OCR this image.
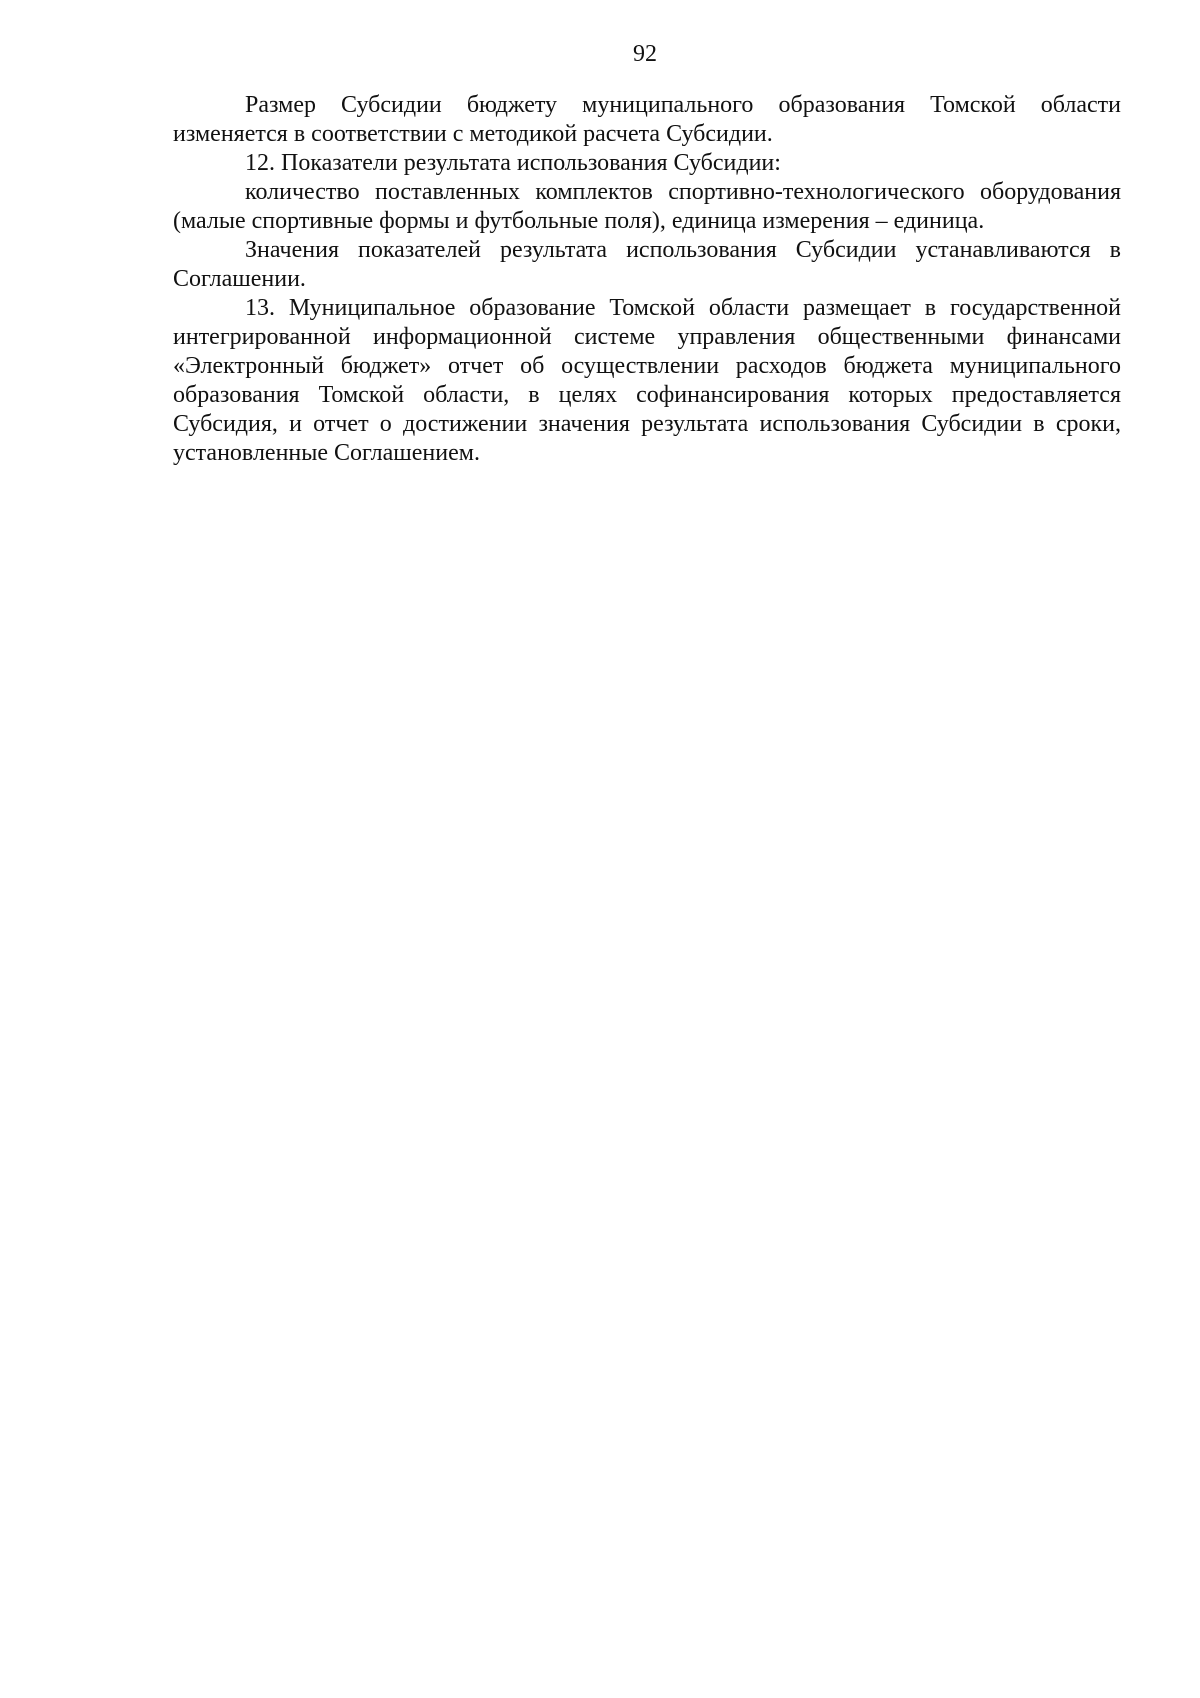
92

Размер Субсидии бюджету муниципального образования Томской области изменяется в соответствии с методикой расчета Субсидии.

12. Показатели результата использования Субсидии:

количество поставленных комплектов спортивно-технологического оборудования (малые спортивные формы и футбольные поля), единица измерения – единица.

Значения показателей результата использования Субсидии устанавливаются в Соглашении.

13. Муниципальное образование Томской области размещает в государственной интегрированной информационной системе управления общественными финансами «Электронный бюджет» отчет об осуществлении расходов бюджета муниципального образования Томской области, в целях софинансирования которых предоставляется Субсидия, и отчет о достижении значения результата использования Субсидии в сроки, установленные Соглашением.
